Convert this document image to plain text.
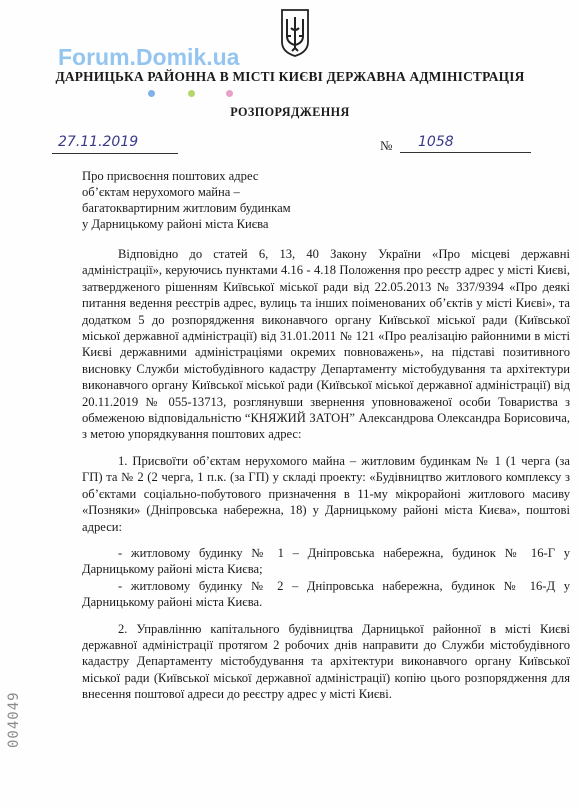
Forum.Domik.ua
ДАРНИЦЬКА РАЙОННА В МІСТІ КИЄВІ ДЕРЖАВНА АДМІНІСТРАЦІЯ
РОЗПОРЯДЖЕННЯ
27.11.2019	№	1058
Про присвоєння поштових адрес
об’єктам нерухомого майна –
багатоквартирним житловим будинкам
у Дарницькому районі міста Києва

Відповідно до статей 6, 13, 40 Закону України «Про місцеві державні адміністрації», керуючись пунктами 4.16 - 4.18 Положення про реєстр адрес у місті Києві, затвердженого рішенням Київської міської ради від 22.05.2013 № 337/9394 «Про деякі питання ведення реєстрів адрес, вулиць та інших поіменованих об’єктів у місті Києві», та додатком 5 до розпорядження виконавчого органу Київської міської ради (Київської міської державної адміністрації) від 31.01.2011 № 121 «Про реалізацію районними в місті Києві державними адміністраціями окремих повноважень», на підставі позитивного висновку Служби містобудівного кадастру Департаменту містобудування та архітектури виконавчого органу Київської міської ради (Київської міської державної адміністрації) від 20.11.2019 № 055-13713, розглянувши звернення уповноваженої особи Товариства з обмеженою відповідальністю “КНЯЖИЙ ЗАТОН” Александрова Олександра Борисовича, з метою упорядкування поштових адрес:

1. Присвоїти об’єктам нерухомого майна – житловим будинкам № 1 (1 черга (за ГП) та № 2 (2 черга, 1 п.к. (за ГП) у складі проекту: «Будівництво житлового комплексу з об’єктами соціально-побутового призначення в 11-му мікрорайоні житлового масиву «Позняки» (Дніпровська набережна, 18) у Дарницькому районі міста Києва», поштові адреси:

- житловому будинку № 1 – Дніпровська набережна, будинок № 16-Г у Дарницькому районі міста Києва;

- житловому будинку № 2 – Дніпровська набережна, будинок № 16-Д у Дарницькому районі міста Києва.

2. Управлінню капітального будівництва Дарницької районної в місті Києві державної адміністрації протягом 2 робочих днів направити до Служби містобудівного кадастру Департаменту містобудування та архітектури виконавчого органу Київської міської ради (Київської міської державної адміністрації) копію цього розпорядження для внесення поштової адреси до реєстру адрес у місті Києві.

004049
